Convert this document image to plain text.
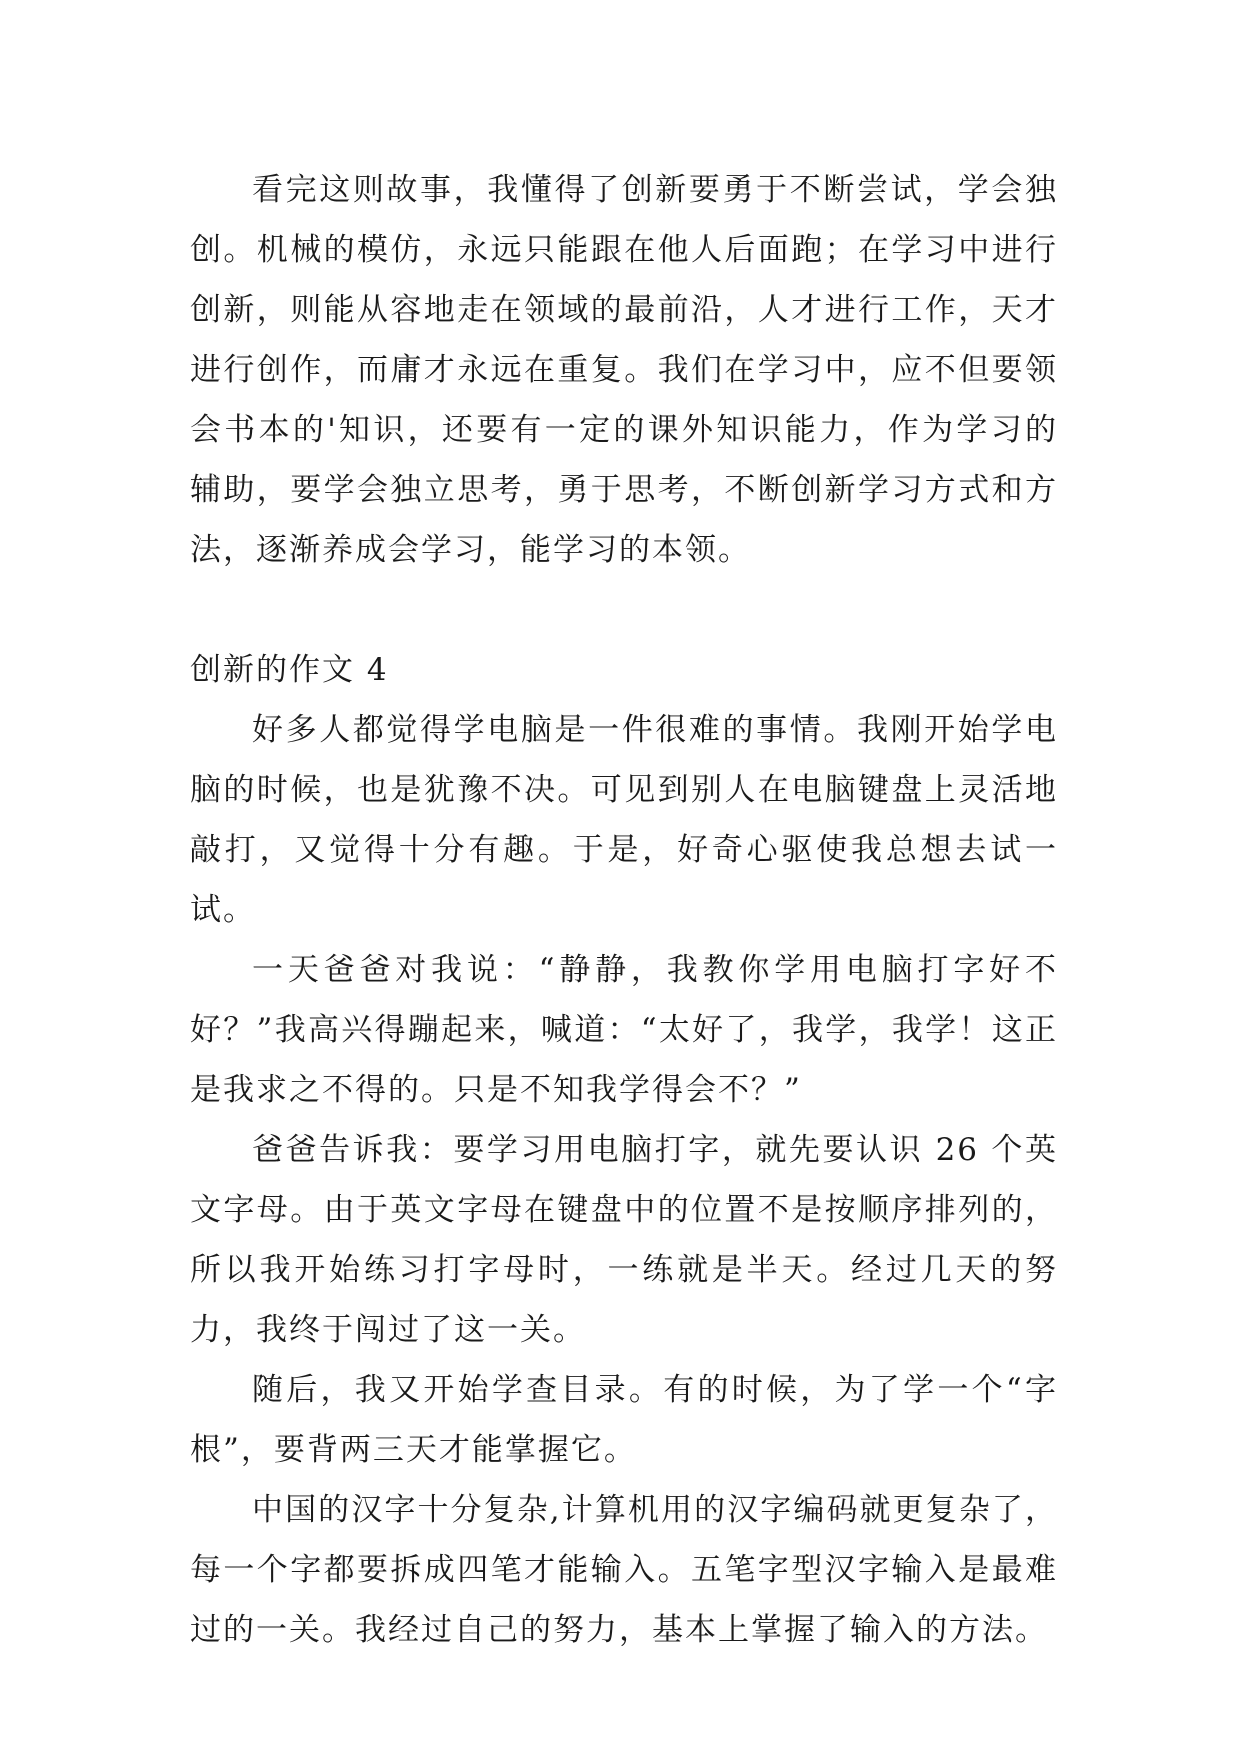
看完这则故事，我懂得了创新要勇于不断尝试，学会独创。机械的模仿，永远只能跟在他人后面跑；在学习中进行创新，则能从容地走在领域的最前沿，人才进行工作，天才进行创作，而庸才永远在重复。我们在学习中，应不但要领会书本的'知识，还要有一定的课外知识能力，作为学习的辅助，要学会独立思考，勇于思考，不断创新学习方式和方法，逐渐养成会学习，能学习的本领。

创新的作文 4

好多人都觉得学电脑是一件很难的事情。我刚开始学电脑的时候，也是犹豫不决。可见到别人在电脑键盘上灵活地敲打，又觉得十分有趣。于是，好奇心驱使我总想去试一试。

一天爸爸对我说：“静静，我教你学用电脑打字好不好？”我高兴得蹦起来，喊道：“太好了，我学，我学！这正是我求之不得的。只是不知我学得会不？”

爸爸告诉我：要学习用电脑打字，就先要认识 26 个英文字母。由于英文字母在键盘中的位置不是按顺序排列的，所以我开始练习打字母时，一练就是半天。经过几天的努力，我终于闯过了这一关。

随后，我又开始学查目录。有的时候，为了学一个“字根”，要背两三天才能掌握它。

中国的汉字十分复杂,计算机用的汉字编码就更复杂了，每一个字都要拆成四笔才能输入。五笔字型汉字输入是最难过的一关。我经过自己的努力，基本上掌握了输入的方法。
